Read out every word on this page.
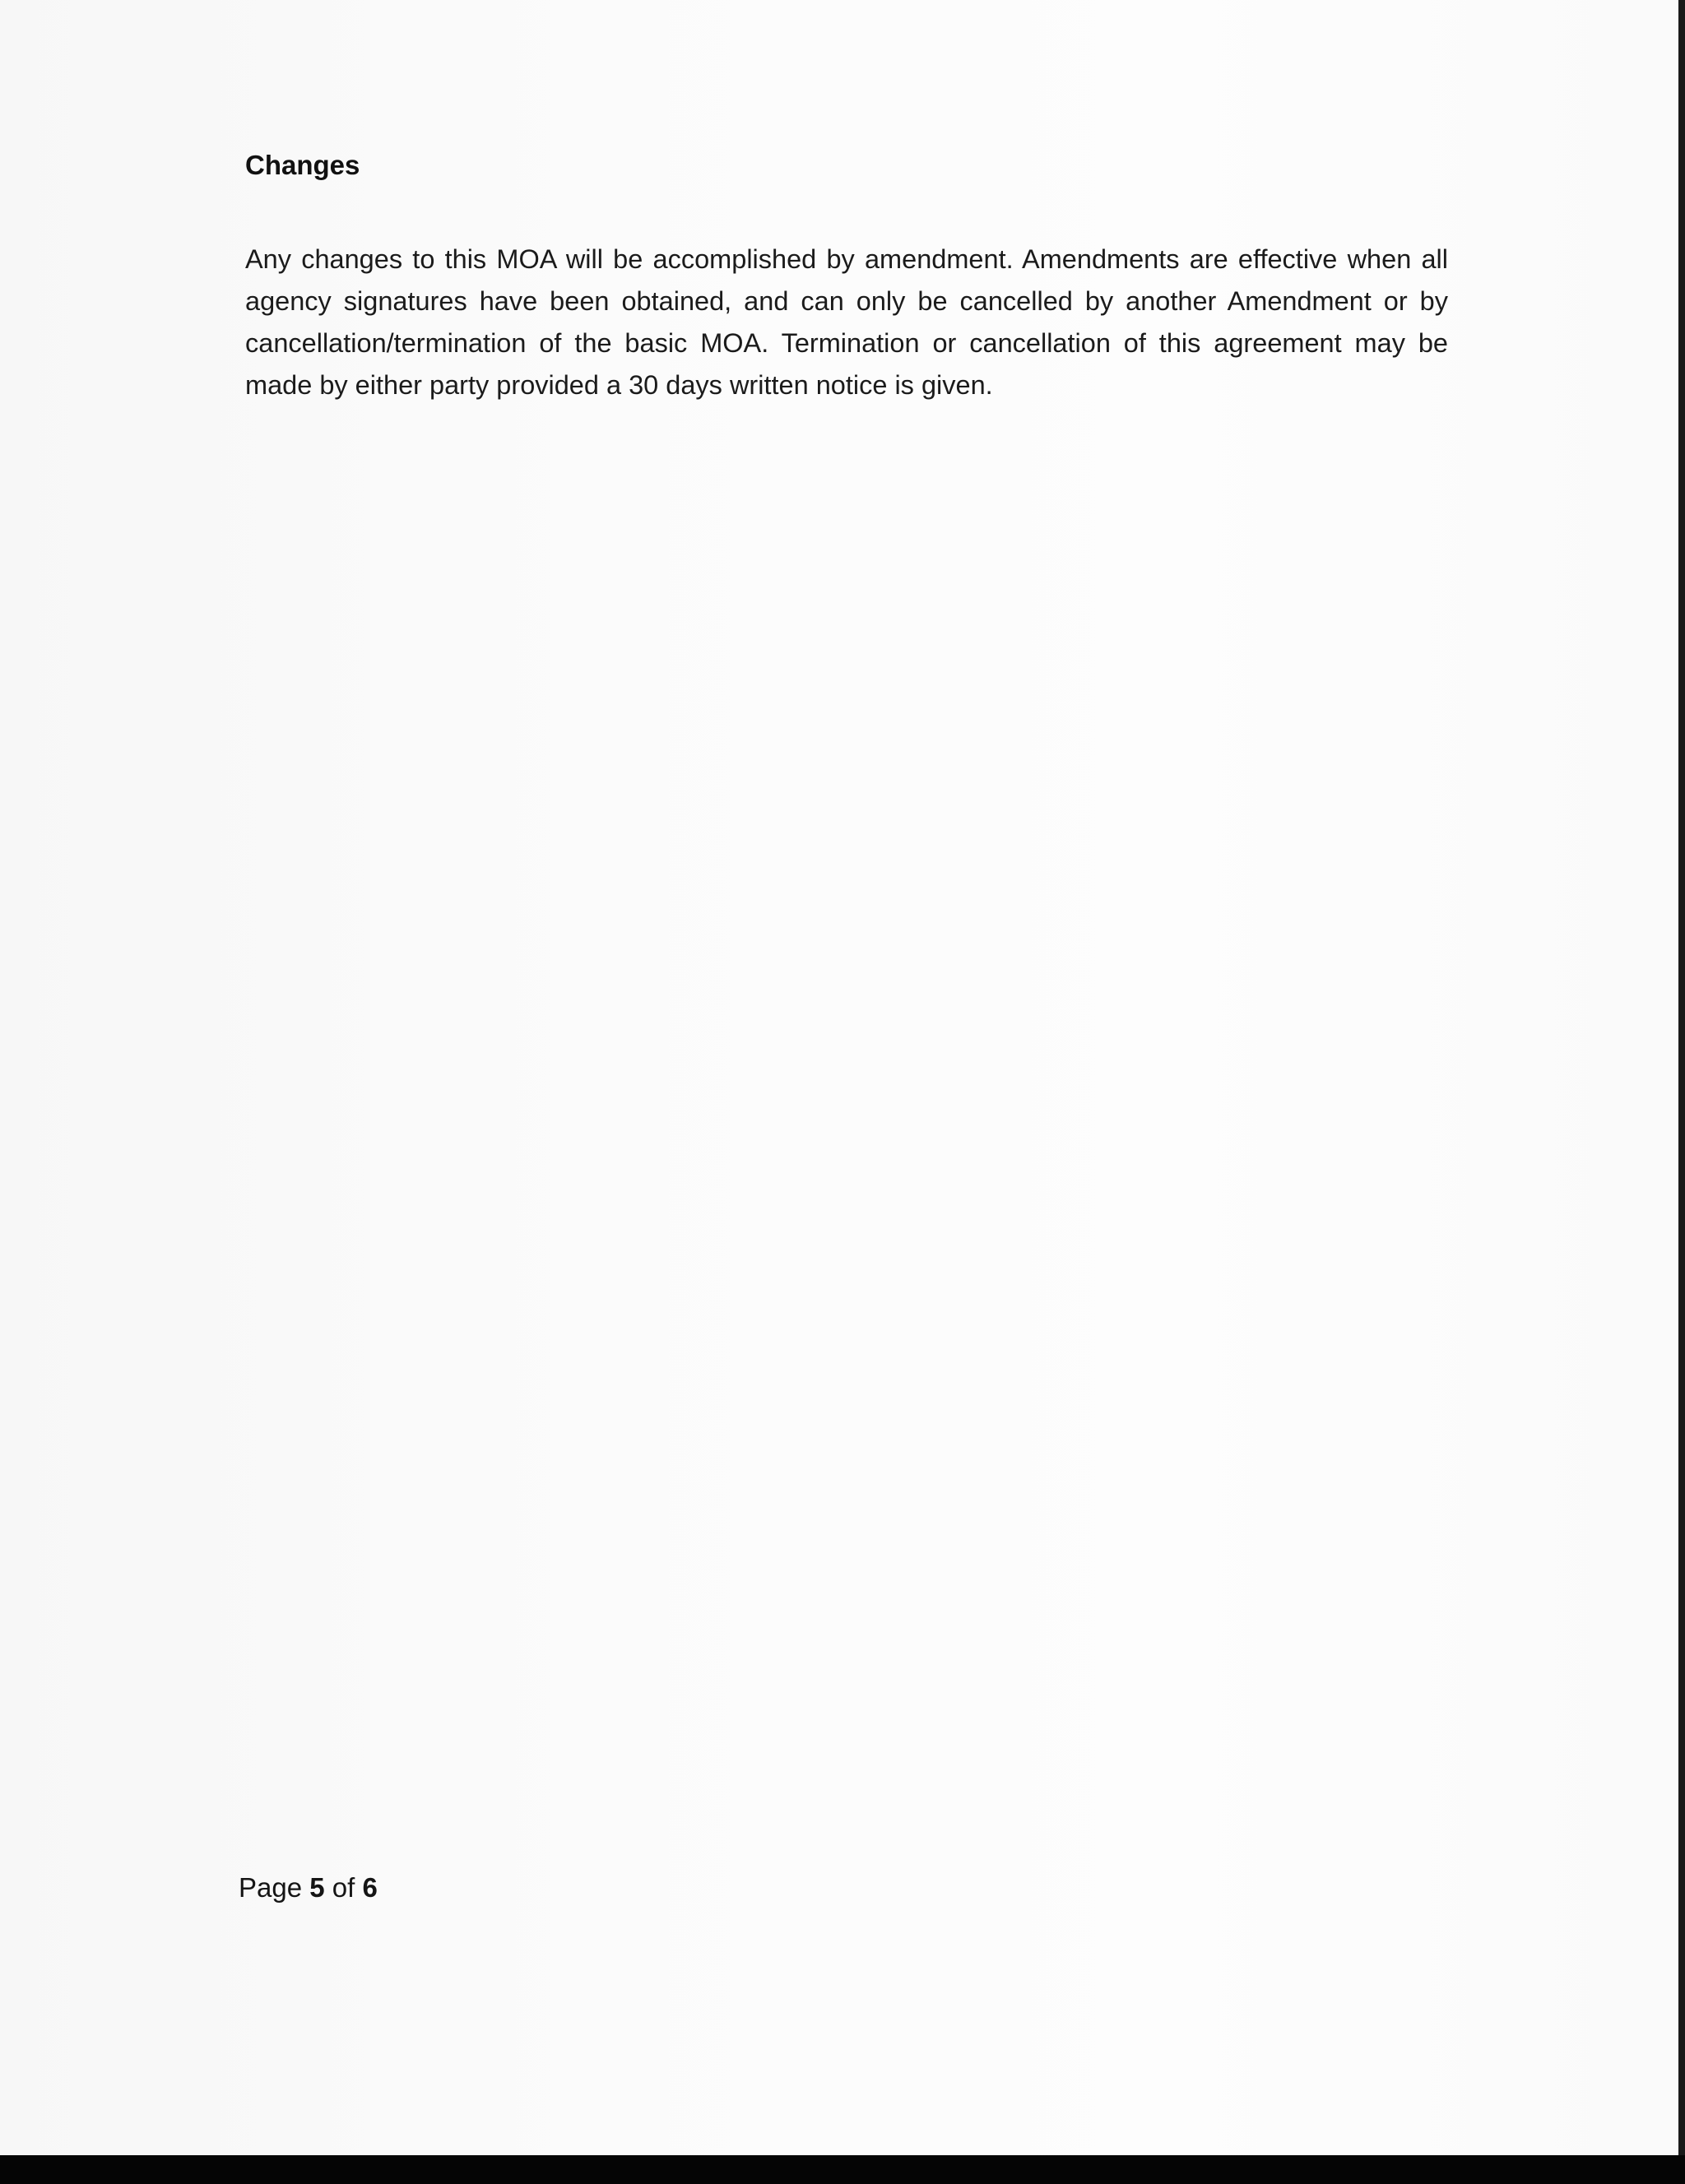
Changes

Any changes to this MOA will be accomplished by amendment. Amendments are effective when all agency signatures have been obtained, and can only be cancelled by another Amendment or by cancellation/termination of the basic MOA. Termination or cancellation of this agreement may be made by either party provided a 30 days written notice is given.

Page 5 of 6
